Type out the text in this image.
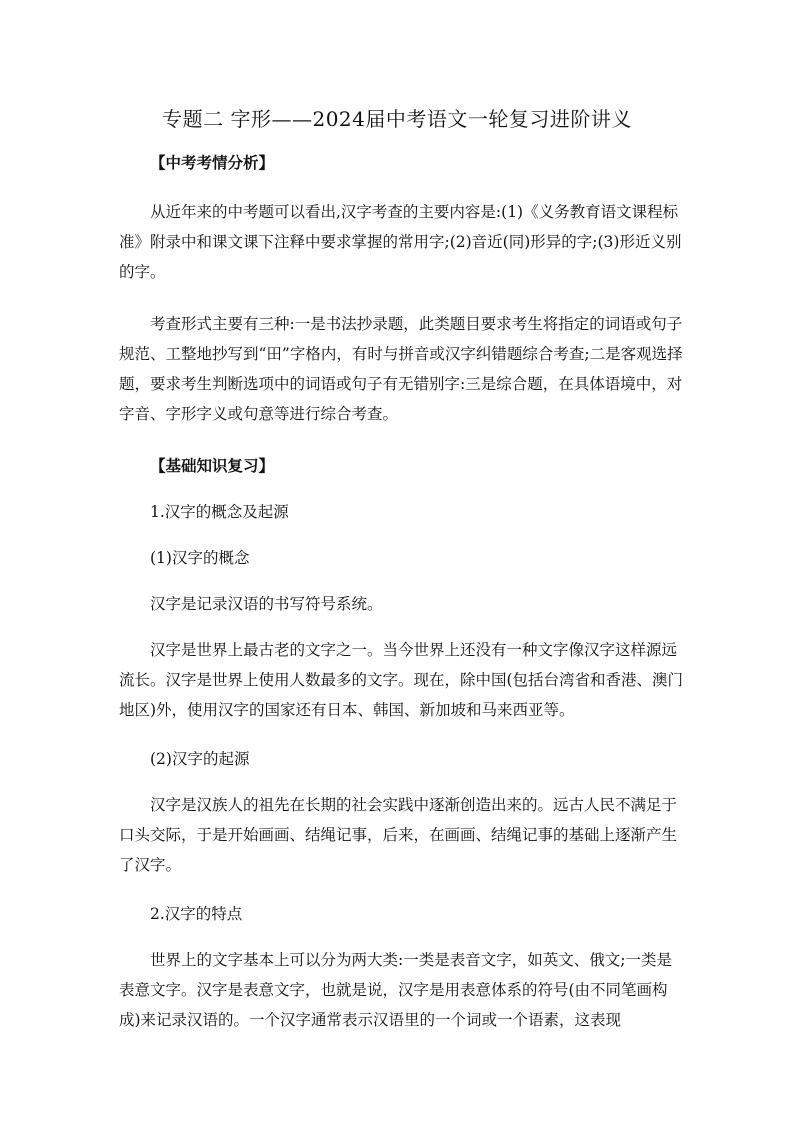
专题二 字形——2024届中考语文一轮复习进阶讲义

【中考考情分析】

从近年来的中考题可以看出,汉字考查的主要内容是:(1)《义务教育语文课程标准》附录中和课文课下注释中要求掌握的常用字;(2)音近(同)形异的字;(3)形近义别的字。

考查形式主要有三种:一是书法抄录题，此类题目要求考生将指定的词语或句子规范、工整地抄写到“田”字格内，有时与拼音或汉字纠错题综合考查;二是客观选择题，要求考生判断选项中的词语或句子有无错别字:三是综合题，在具体语境中，对字音、字形字义或句意等进行综合考查。

【基础知识复习】

1.汉字的概念及起源

(1)汉字的概念

汉字是记录汉语的书写符号系统。

汉字是世界上最古老的文字之一。当今世界上还没有一种文字像汉字这样源远流长。汉字是世界上使用人数最多的文字。现在，除中国(包括台湾省和香港、澳门地区)外，使用汉字的国家还有日本、韩国、新加坡和马来西亚等。

(2)汉字的起源

汉字是汉族人的祖先在长期的社会实践中逐渐创造出来的。远古人民不满足于口头交际，于是开始画画、结绳记事，后来，在画画、结绳记事的基础上逐渐产生了汉字。

2.汉字的特点

世界上的文字基本上可以分为两大类:一类是表音文字，如英文、俄文;一类是表意文字。汉字是表意文字，也就是说，汉字是用表意体系的符号(由不同笔画构成)来记录汉语的。一个汉字通常表示汉语里的一个词或一个语素，这表现
